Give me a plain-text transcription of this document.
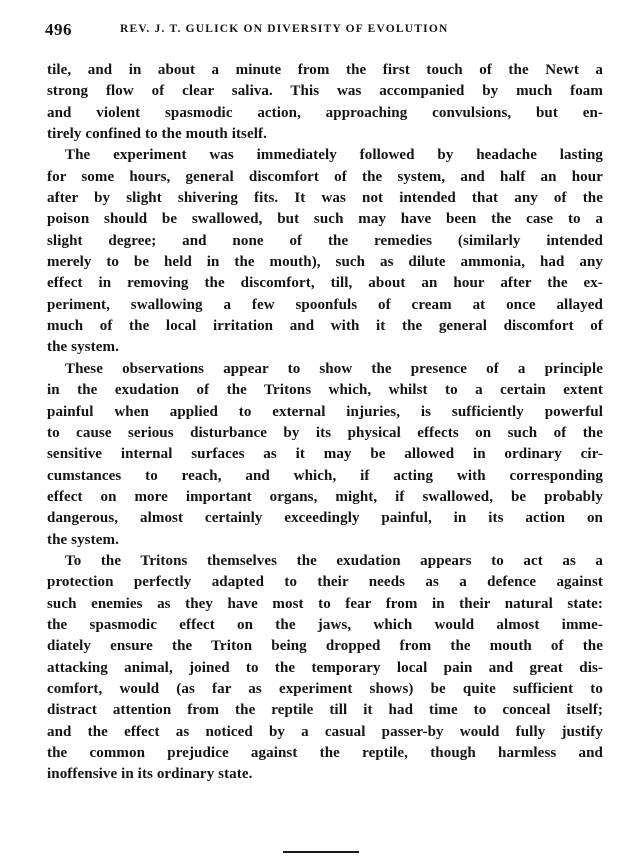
496	REV. J. T. GULICK ON DIVERSITY OF EVOLUTION

tile, and in about a minute from the first touch of the Newt a
strong flow of clear saliva. This was accompanied by much foam
and violent spasmodic action, approaching convulsions, but en-
tirely confined to the mouth itself.

The experiment was immediately followed by headache lasting
for some hours, general discomfort of the system, and half an hour
after by slight shivering fits. It was not intended that any of the
poison should be swallowed, but such may have been the case to a
slight degree; and none of the remedies (similarly intended
merely to be held in the mouth), such as dilute ammonia, had any
effect in removing the discomfort, till, about an hour after the ex-
periment, swallowing a few spoonfuls of cream at once allayed
much of the local irritation and with it the general discomfort of
the system.

These observations appear to show the presence of a principle
in the exudation of the Tritons which, whilst to a certain extent
painful when applied to external injuries, is sufficiently powerful
to cause serious disturbance by its physical effects on such of the
sensitive internal surfaces as it may be allowed in ordinary cir-
cumstances to reach, and which, if acting with corresponding
effect on more important organs, might, if swallowed, be probably
dangerous, almost certainly exceedingly painful, in its action on
the system.

To the Tritons themselves the exudation appears to act as a
protection perfectly adapted to their needs as a defence against
such enemies as they have most to fear from in their natural state:
the spasmodic effect on the jaws, which would almost imme-
diately ensure the Triton being dropped from the mouth of the
attacking animal, joined to the temporary local pain and great dis-
comfort, would (as far as experiment shows) be quite sufficient to
distract attention from the reptile till it had time to conceal itself;
and the effect as noticed by a casual passer-by would fully justify
the common prejudice against the reptile, though harmless and
inoffensive in its ordinary state.
